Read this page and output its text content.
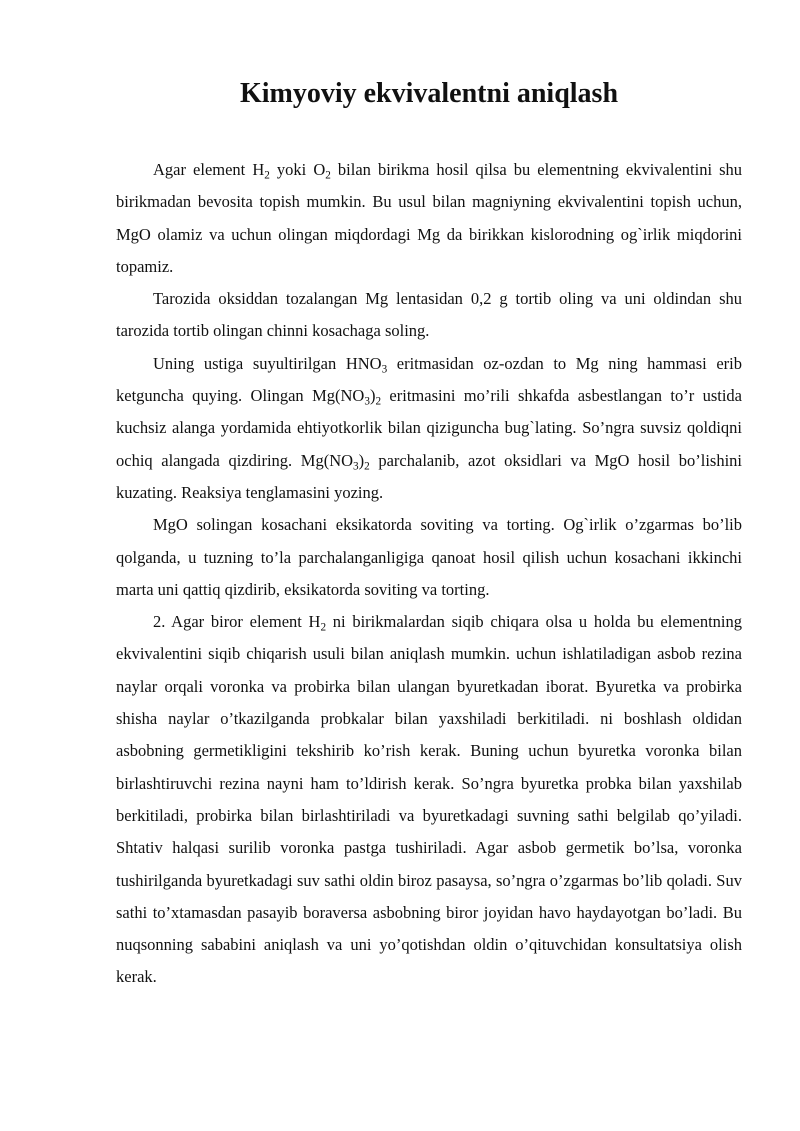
Kimyoviy ekvivalentni aniqlash

Agar element $H_2$ yoki $O_2$ bilan birikma hosil qilsa bu elementning ekvivalentini shu birikmadan bevosita topish mumkin. Bu usul bilan magniyning ekvivalentini topish uchun, MgO olamiz va uchun olingan miqdordagi Mg da birikkan kislorodning og`irlik miqdorini topamiz.

Tarozida oksiddan tozalangan Mg lentasidan 0,2 g tortib oling va uni oldindan shu tarozida tortib olingan chinni kosachaga soling.

Uning ustiga suyultirilgan $HNO_3$ eritmasidan oz-ozdan to Mg ning hammasi erib ketguncha quying. Olingan $Mg(NO_3)_2$ eritmasini mo’rili shkafda asbestlangan to’r ustida kuchsiz alanga yordamida ehtiyotkorlik bilan qiziguncha bug`lating. So’ngra suvsiz qoldiqni ochiq alangada qizdiring. $Mg(NO_3)_2$ parchalanib, azot oksidlari va MgO hosil bo’lishini kuzating. Reaksiya tenglamasini yozing.

MgO solingan kosachani eksikatorda soviting va torting. Og`irlik o’zgarmas bo’lib qolganda, u tuzning to’la parchalanganligiga qanoat hosil qilish uchun kosachani ikkinchi marta uni qattiq qizdirib, eksikatorda soviting va torting.

2. Agar biror element $H_2$ ni birikmalardan siqib chiqara olsa u holda bu elementning ekvivalentini siqib chiqarish usuli bilan aniqlash mumkin. uchun ishlatiladigan asbob rezina naylar orqali voronka va probirka bilan ulangan byuretkadan iborat. Byuretka va probirka shisha naylar o’tkazilganda probkalar bilan yaxshiladi berkitiladi. ni boshlash oldidan asbobning germetikligini tekshirib ko’rish kerak. Buning uchun byuretka voronka bilan birlashtiruvchi rezina nayni ham to’ldirish kerak. So’ngra byuretka probka bilan yaxshilab berkitiladi, probirka bilan birlashtiriladi va byuretkadagi suvning sathi belgilab qo’yiladi. Shtativ halqasi surilib voronka pastga tushiriladi. Agar asbob germetik bo’lsa, voronka tushirilganda byuretkadagi suv sathi oldin biroz pasaysa, so’ngra o’zgarmas bo’lib qoladi. Suv sathi to’xtamasdan pasayib boraversa asbobning biror joyidan havo haydayotgan bo’ladi. Bu nuqsonning sababini aniqlash va uni yo’qotishdan oldin o’qituvchidan konsultatsiya olish kerak.
